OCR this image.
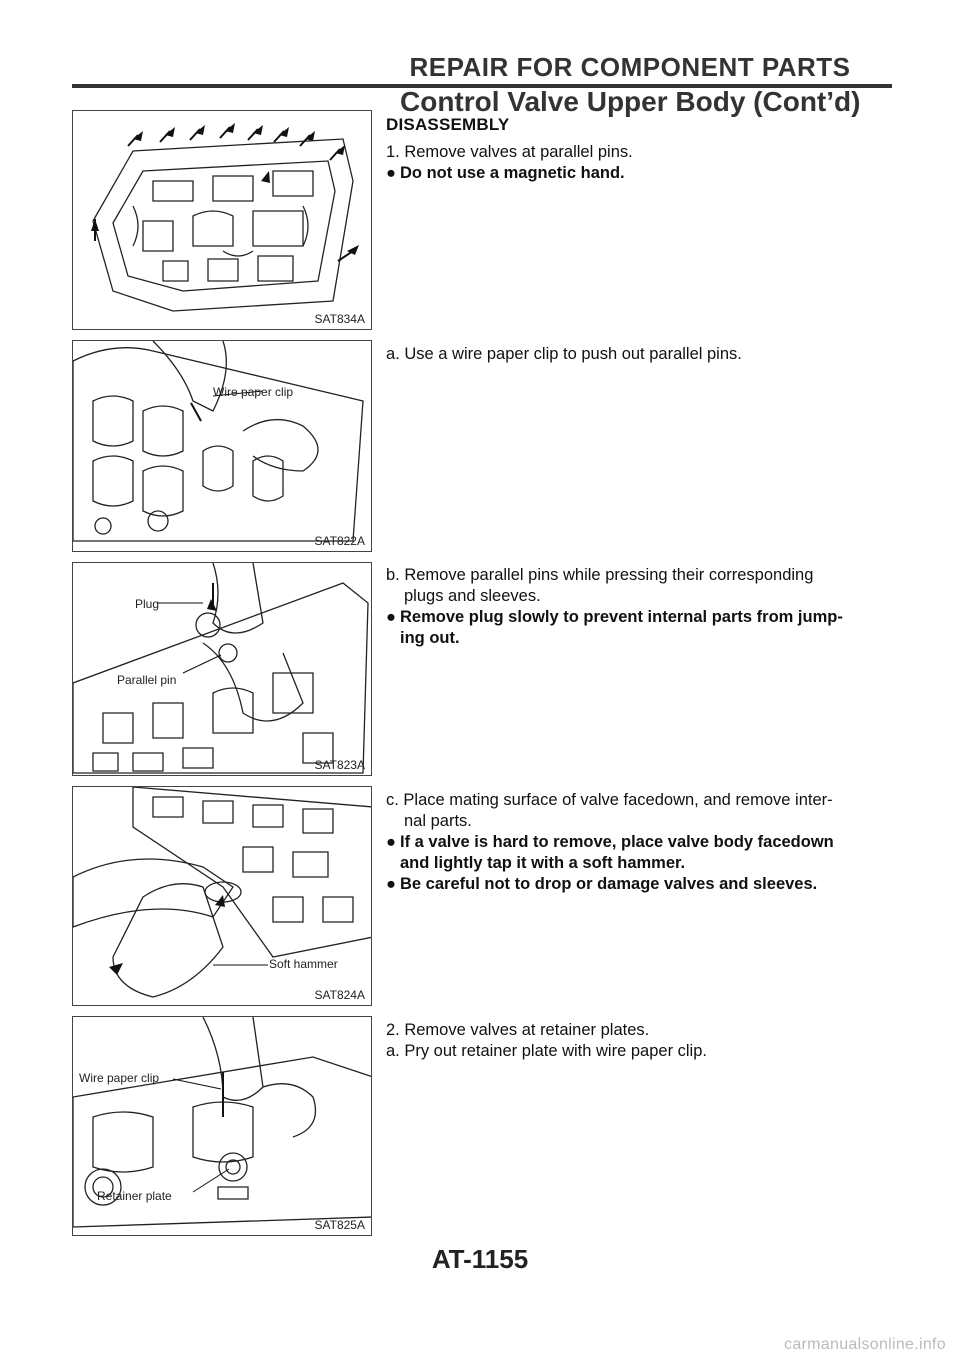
REPAIR FOR COMPONENT PARTS
Control Valve Upper Body (Cont’d)
SAT834A
Wire paper clip
SAT822A
Plug
Parallel pin
SAT823A
Soft hammer
SAT824A
Wire paper clip
Retainer plate
SAT825A
DISASSEMBLY

1. Remove valves at parallel pins.

● Do not use a magnetic hand.

a. Use a wire paper clip to push out parallel pins.

b. Remove parallel pins while pressing their corresponding

plugs and sleeves.

● Remove plug slowly to prevent internal parts from jump-
ing out.

c. Place mating surface of valve facedown, and remove inter-

nal parts.

● If a valve is hard to remove, place valve body facedown
and lightly tap it with a soft hammer.
● Be careful not to drop or damage valves and sleeves.

2. Remove valves at retainer plates.

a. Pry out retainer plate with wire paper clip.

AT-1155
carmanualsonline.info
